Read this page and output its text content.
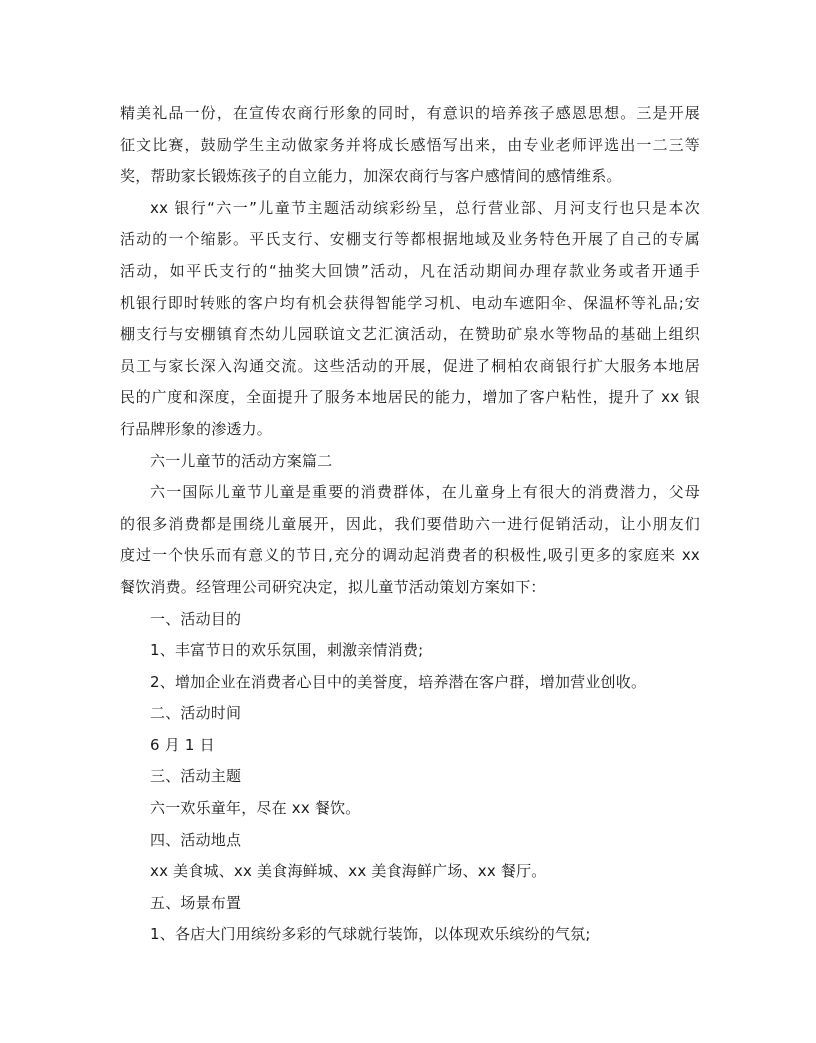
精美礼品一份，在宣传农商行形象的同时，有意识的培养孩子感恩思想。三是开展
征文比赛，鼓励学生主动做家务并将成长感悟写出来，由专业老师评选出一二三等
奖，帮助家长锻炼孩子的自立能力，加深农商行与客户感情间的感情维系。
xx 银行“六一”儿童节主题活动缤彩纷呈，总行营业部、月河支行也只是本次
活动的一个缩影。平氏支行、安棚支行等都根据地域及业务特色开展了自己的专属
活动，如平氏支行的“抽奖大回馈”活动，凡在活动期间办理存款业务或者开通手
机银行即时转账的客户均有机会获得智能学习机、电动车遮阳伞、保温杯等礼品;安
棚支行与安棚镇育杰幼儿园联谊文艺汇演活动，在赞助矿泉水等物品的基础上组织
员工与家长深入沟通交流。这些活动的开展，促进了桐柏农商银行扩大服务本地居
民的广度和深度，全面提升了服务本地居民的能力，增加了客户粘性，提升了 xx 银
行品牌形象的渗透力。
六一儿童节的活动方案篇二
六一国际儿童节儿童是重要的消费群体，在儿童身上有很大的消费潜力，父母
的很多消费都是围绕儿童展开，因此，我们要借助六一进行促销活动，让小朋友们
度过一个快乐而有意义的节日,充分的调动起消费者的积极性,吸引更多的家庭来 xx
餐饮消费。经管理公司研究决定，拟儿童节活动策划方案如下：
一、活动目的
1、丰富节日的欢乐氛围，刺激亲情消费;
2、增加企业在消费者心目中的美誉度，培养潜在客户群，增加营业创收。
二、活动时间
6 月 1 日
三、活动主题
六一欢乐童年，尽在 xx 餐饮。
四、活动地点
xx 美食城、xx 美食海鲜城、xx 美食海鲜广场、xx 餐厅。
五、场景布置
1、各店大门用缤纷多彩的气球就行装饰，以体现欢乐缤纷的气氛;
